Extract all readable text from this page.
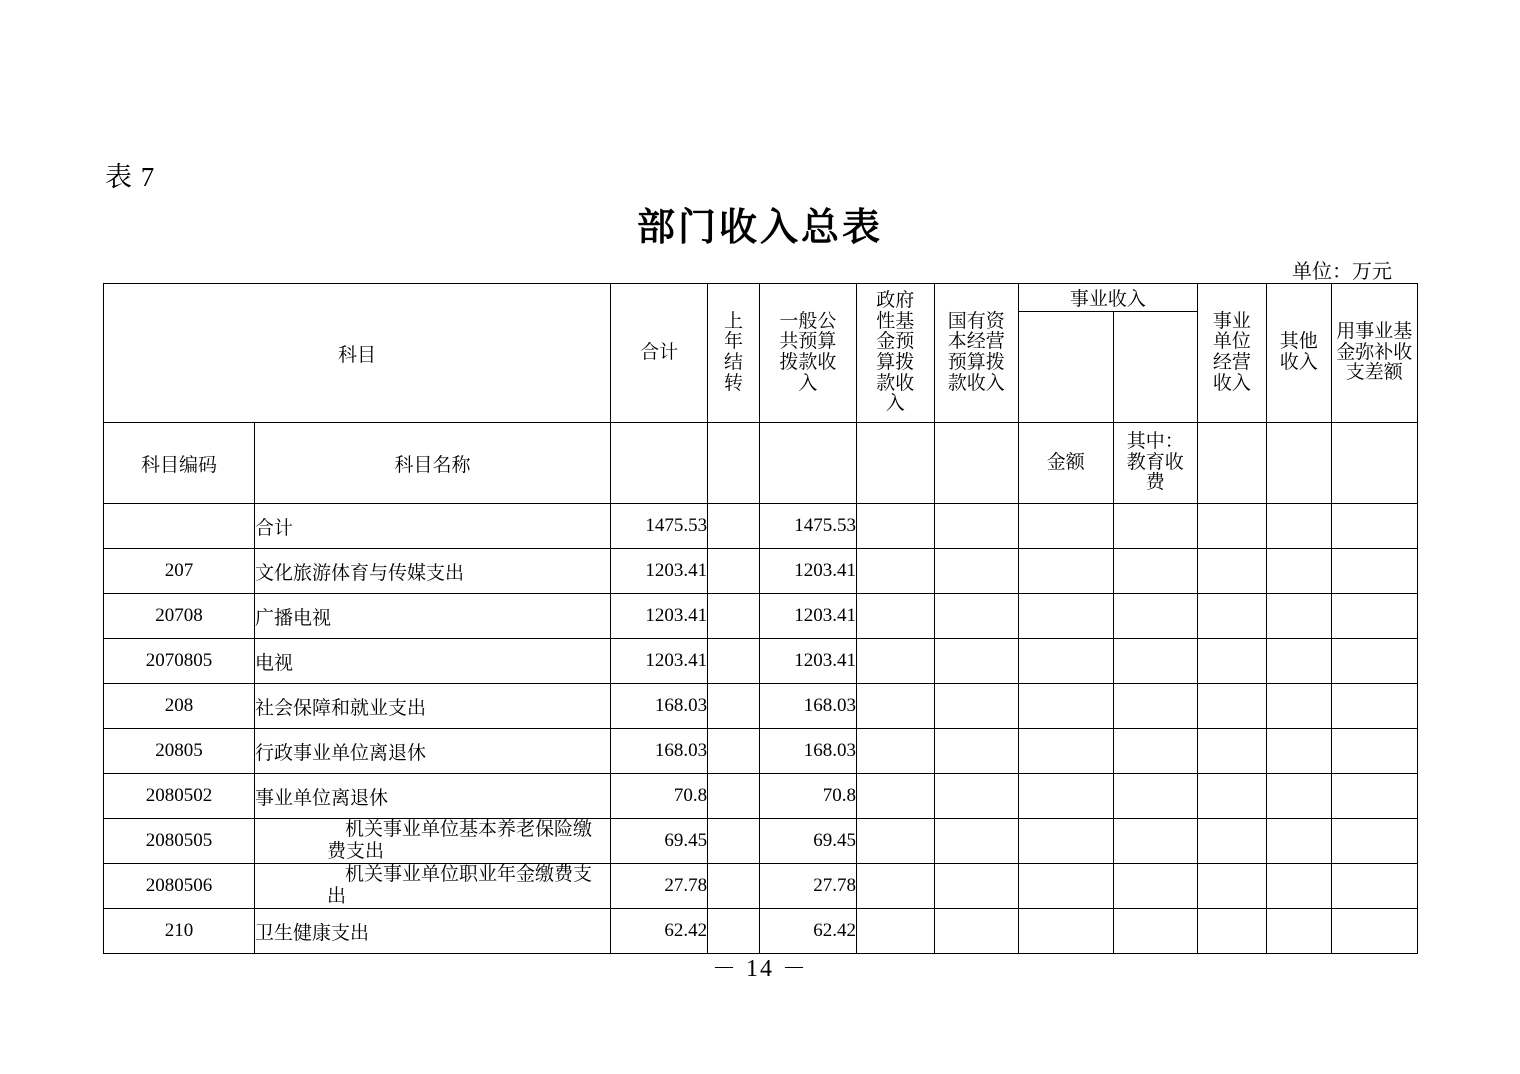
表 7
部门收入总表
单位：万元
科目		合计	上年结转	一般公共预算拨款收入	政府性基金预算拨款收入	国有资本经营预算拨款收入	事业收入		事业单位经营收入	其他收入	用事业基金弥补收支差额

科目编码	科目名称						金额	其中：教育收费			
	合计	1475.53		1475.53							
207	文化旅游体育与传媒支出	1203.41		1203.41							
20708	广播电视	1203.41		1203.41							
2070805	电视	1203.41		1203.41							
208	社会保障和就业支出	168.03		168.03							
20805	行政事业单位离退休	168.03		168.03							
2080502	事业单位离退休	70.8		70.8							
2080505	机关事业单位基本养老保险缴费支出	69.45		69.45							
2080506	机关事业单位职业年金缴费支出	27.78		27.78							
210	卫生健康支出	62.42		62.42							
－ 14 －
